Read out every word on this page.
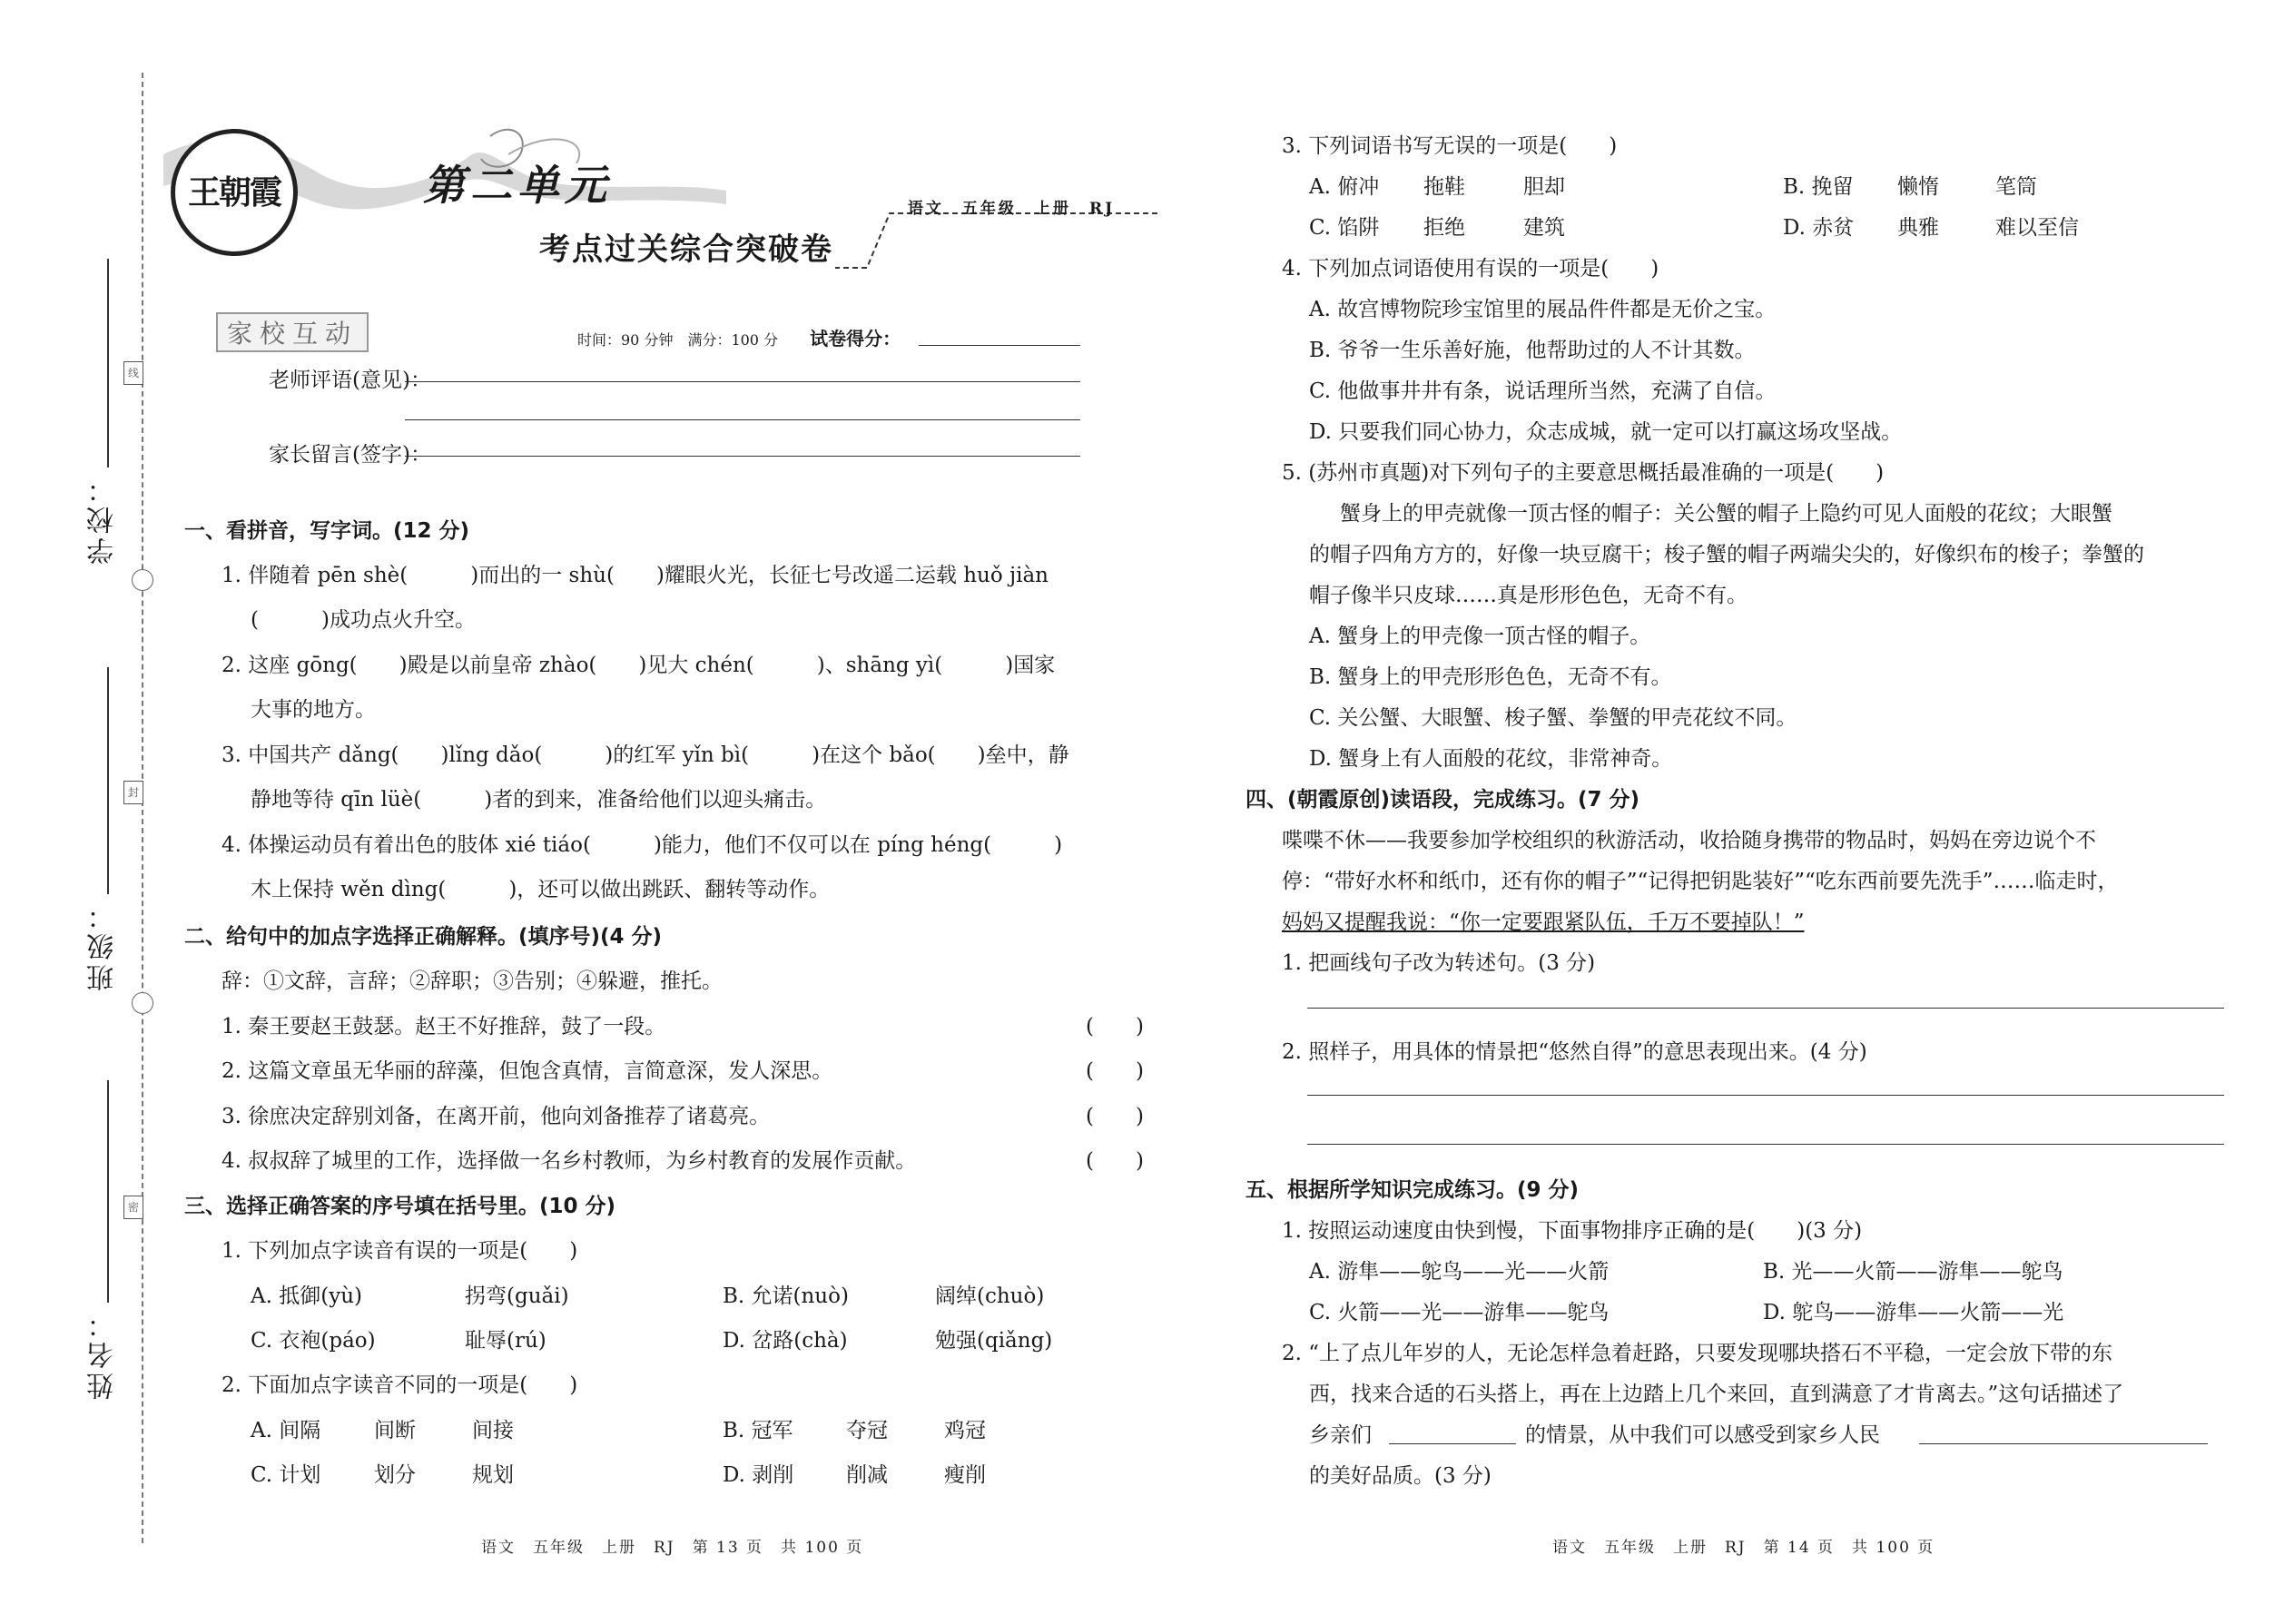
线
封
密
学校：
班级：
姓名：
王朝霞	第二单元
考点过关综合突破卷
语文　五年级　上册　RJ
家校互动	时间：90 分钟　满分：100 分 试卷得分：
老师评语(意见)：
家长留言(签字)：
一、看拼音，写字词。(12 分)
1. 伴随着 pēn shè(　　　)而出的一 shù(　　)耀眼火光，长征七号改遥二运载 huǒ jiàn
(　　　)成功点火升空。
2. 这座 gōng(　　)殿是以前皇帝 zhào(　　)见大 chén(　　　)、shāng yì(　　　)国家
大事的地方。
3. 中国共产 dǎng(　　)lǐng dǎo(　　　)的红军 yǐn bì(　　　)在这个 bǎo(　　)垒中，静
静地等待 qīn lüè(　　　)者的到来，准备给他们以迎头痛击。
4. 体操运动员有着出色的肢体 xié tiáo(　　　)能力，他们不仅可以在 píng héng(　　　)
木上保持 wěn dìng(　　　)，还可以做出跳跃、翻转等动作。
二、给句中的加点字选择正确解释。(填序号)(4 分)
辞：①文辞，言辞；②辞职；③告别；④躲避，推托。
1. 秦王要赵王鼓瑟。赵王不好推辞，鼓了一段。	(　　)
2. 这篇文章虽无华丽的辞藻，但饱含真情，言简意深，发人深思。	(　　)
3. 徐庶决定辞别刘备，在离开前，他向刘备推荐了诸葛亮。	(　　)
4. 叔叔辞了城里的工作，选择做一名乡村教师，为乡村教育的发展作贡献。	(　　)
三、选择正确答案的序号填在括号里。(10 分)
1. 下列加点字读音有误的一项是(　　)
A. 抵御(yù)	拐弯(guǎi)	B. 允诺(nuò)	阔绰(chuò)
C. 衣袍(páo)	耻辱(rú)	D. 岔路(chà)	勉强(qiǎng)
2. 下面加点字读音不同的一项是(　　)
A. 间隔	间断	间接	B. 冠军	夺冠	鸡冠
C. 计划	划分	规划	D. 剥削	削减	瘦削
语文　五年级　上册　RJ　第 13 页　共 100 页
3. 下列词语书写无误的一项是(　　)
A. 俯冲 拖鞋	胆却	B. 挽留 懒惰	笔筒
C. 馅阱 拒绝	建筑	D. 赤贫 典雅	难以至信
4. 下列加点词语使用有误的一项是(　　)
A. 故宫博物院珍宝馆里的展品件件都是无价之宝。
B. 爷爷一生乐善好施，他帮助过的人不计其数。
C. 他做事井井有条，说话理所当然，充满了自信。
D. 只要我们同心协力，众志成城，就一定可以打赢这场攻坚战。
5. (苏州市真题)对下列句子的主要意思概括最准确的一项是(　　)
蟹身上的甲壳就像一顶古怪的帽子：关公蟹的帽子上隐约可见人面般的花纹；大眼蟹
的帽子四角方方的，好像一块豆腐干；梭子蟹的帽子两端尖尖的，好像织布的梭子；拳蟹的
帽子像半只皮球……真是形形色色，无奇不有。
A. 蟹身上的甲壳像一顶古怪的帽子。
B. 蟹身上的甲壳形形色色，无奇不有。
C. 关公蟹、大眼蟹、梭子蟹、拳蟹的甲壳花纹不同。
D. 蟹身上有人面般的花纹，非常神奇。
四、(朝霞原创)读语段，完成练习。(7 分)
喋喋不休——我要参加学校组织的秋游活动，收拾随身携带的物品时，妈妈在旁边说个不
停：“带好水杯和纸巾，还有你的帽子”“记得把钥匙装好”“吃东西前要先洗手”……临走时，
妈妈又提醒我说：“你一定要跟紧队伍，千万不要掉队！”
1. 把画线句子改为转述句。(3 分)
2. 照样子，用具体的情景把“悠然自得”的意思表现出来。(4 分)
五、根据所学知识完成练习。(9 分)
1. 按照运动速度由快到慢，下面事物排序正确的是(　　)(3 分)
A. 游隼——鸵鸟——光——火箭	B. 光——火箭——游隼——鸵鸟
C. 火箭——光——游隼——鸵鸟	D. 鸵鸟——游隼——火箭——光
2. “上了点儿年岁的人，无论怎样急着赶路，只要发现哪块搭石不平稳，一定会放下带的东
西，找来合适的石头搭上，再在上边踏上几个来回，直到满意了才肯离去。”这句话描述了
乡亲们	的情景，从中我们可以感受到家乡人民
的美好品质。(3 分)
语文　五年级　上册　RJ　第 14 页　共 100 页
